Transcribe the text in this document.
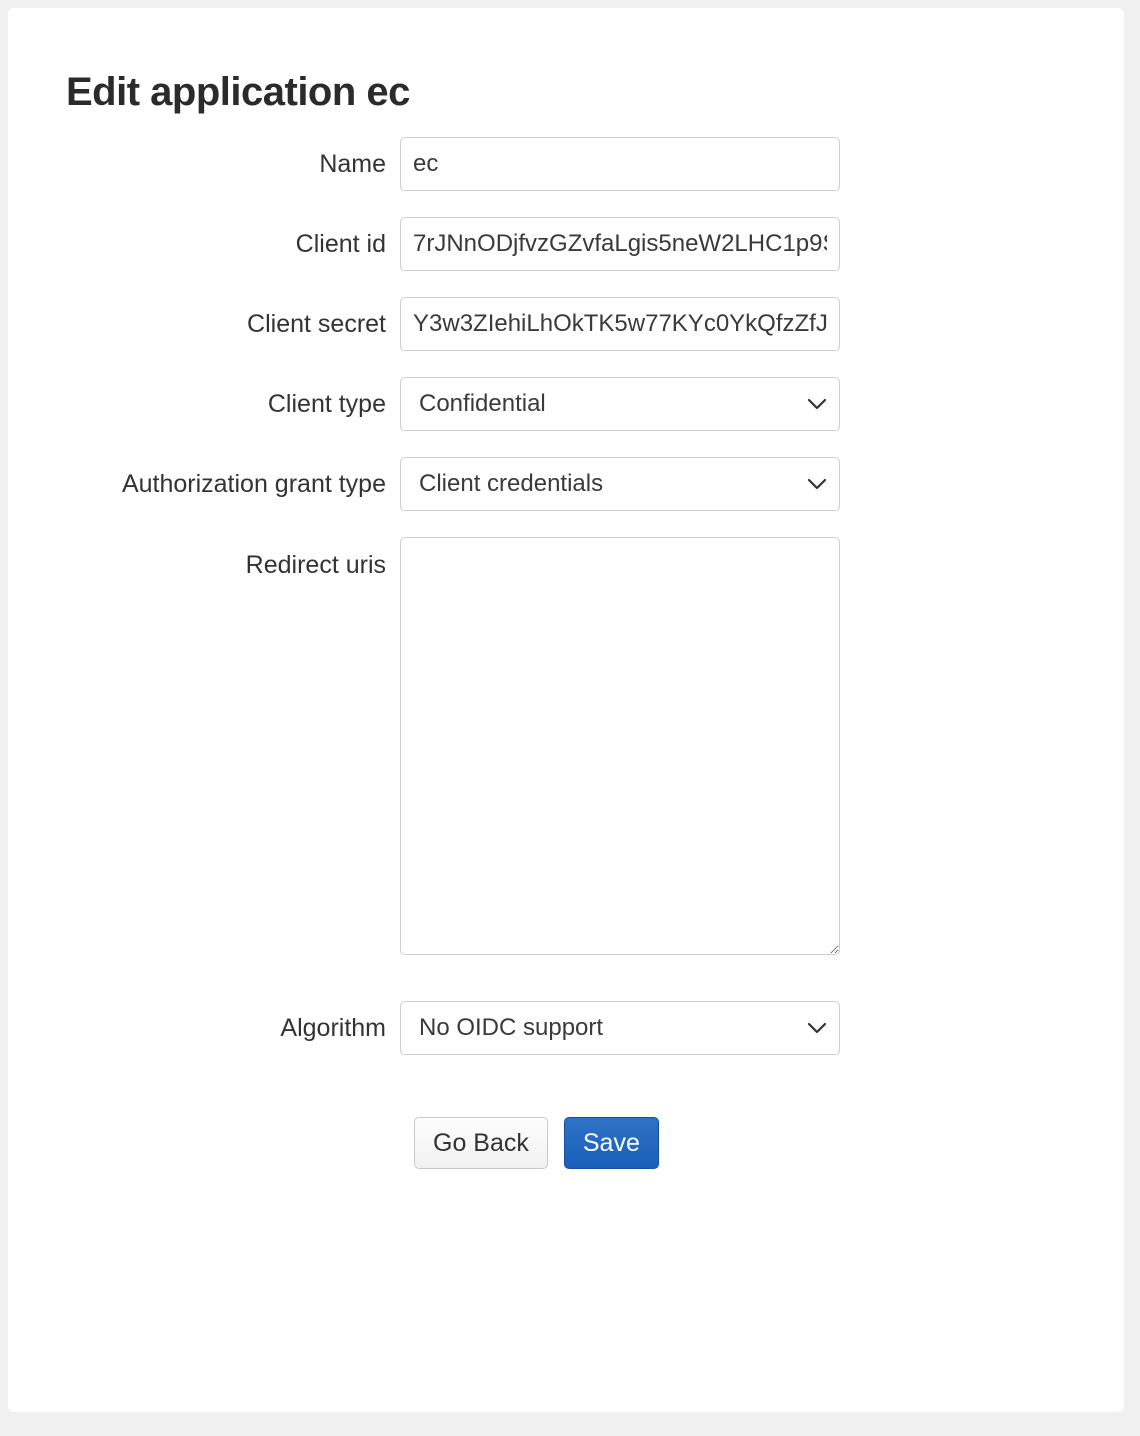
Edit application ec
Name
ec
Client id
7rJNnODjfvzGZvfaLgis5neW2LHC1p9SxH7VYxLb
Client secret
Y3w3ZIehiLhOkTK5w77KYc0YkQfzZfJ2hWmhJ1nB
Client type
Confidential
Authorization grant type
Client credentials
Redirect uris
Algorithm
No OIDC support
Go Back	Save
